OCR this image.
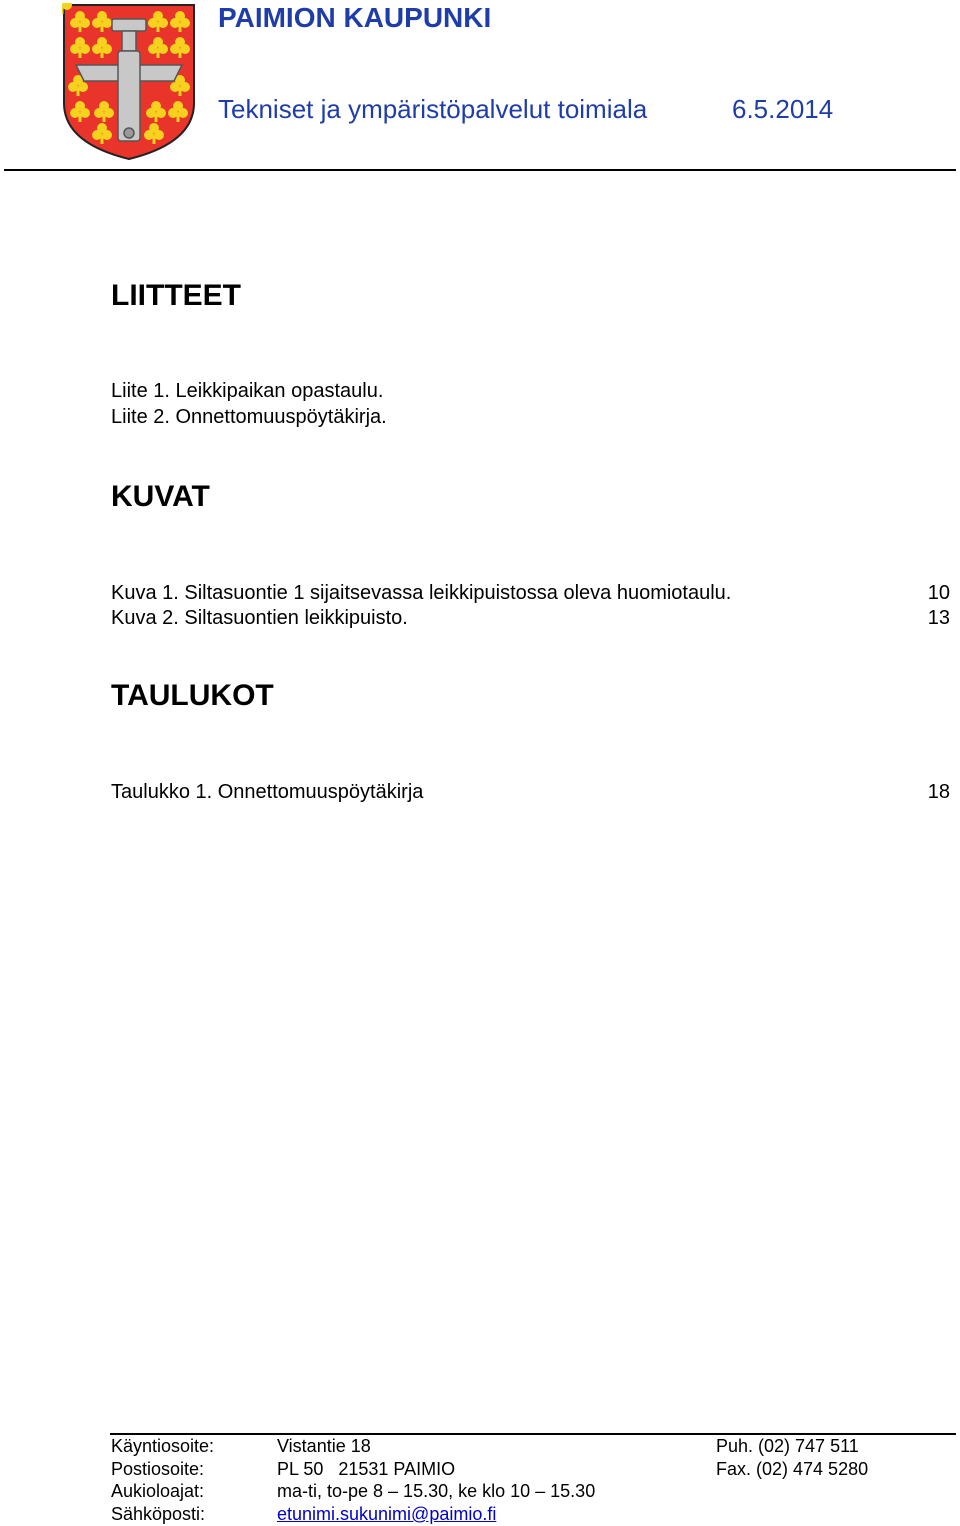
PAIMION KAUPUNKI
Tekniset ja ympäristöpalvelut toimiala	6.5.2014
LIITTEET
Liite 1. Leikkipaikan opastaulu.
Liite 2. Onnettomuuspöytäkirja.
KUVAT
Kuva 1. Siltasuontie 1 sijaitsevassa leikkipuistossa oleva huomiotaulu.	10
Kuva 2. Siltasuontien leikkipuisto.	13
TAULUKOT
Taulukko 1. Onnettomuuspöytäkirja	18
Käyntiosoite:	Vistantie 18	Puh. (02) 747 511
Postiosoite:	PL 50   21531 PAIMIO	Fax. (02) 474 5280
Aukioloajat:	ma-ti, to-pe 8 – 15.30, ke klo 10 – 15.30
Sähköposti:	etunimi.sukunimi@paimio.fi
